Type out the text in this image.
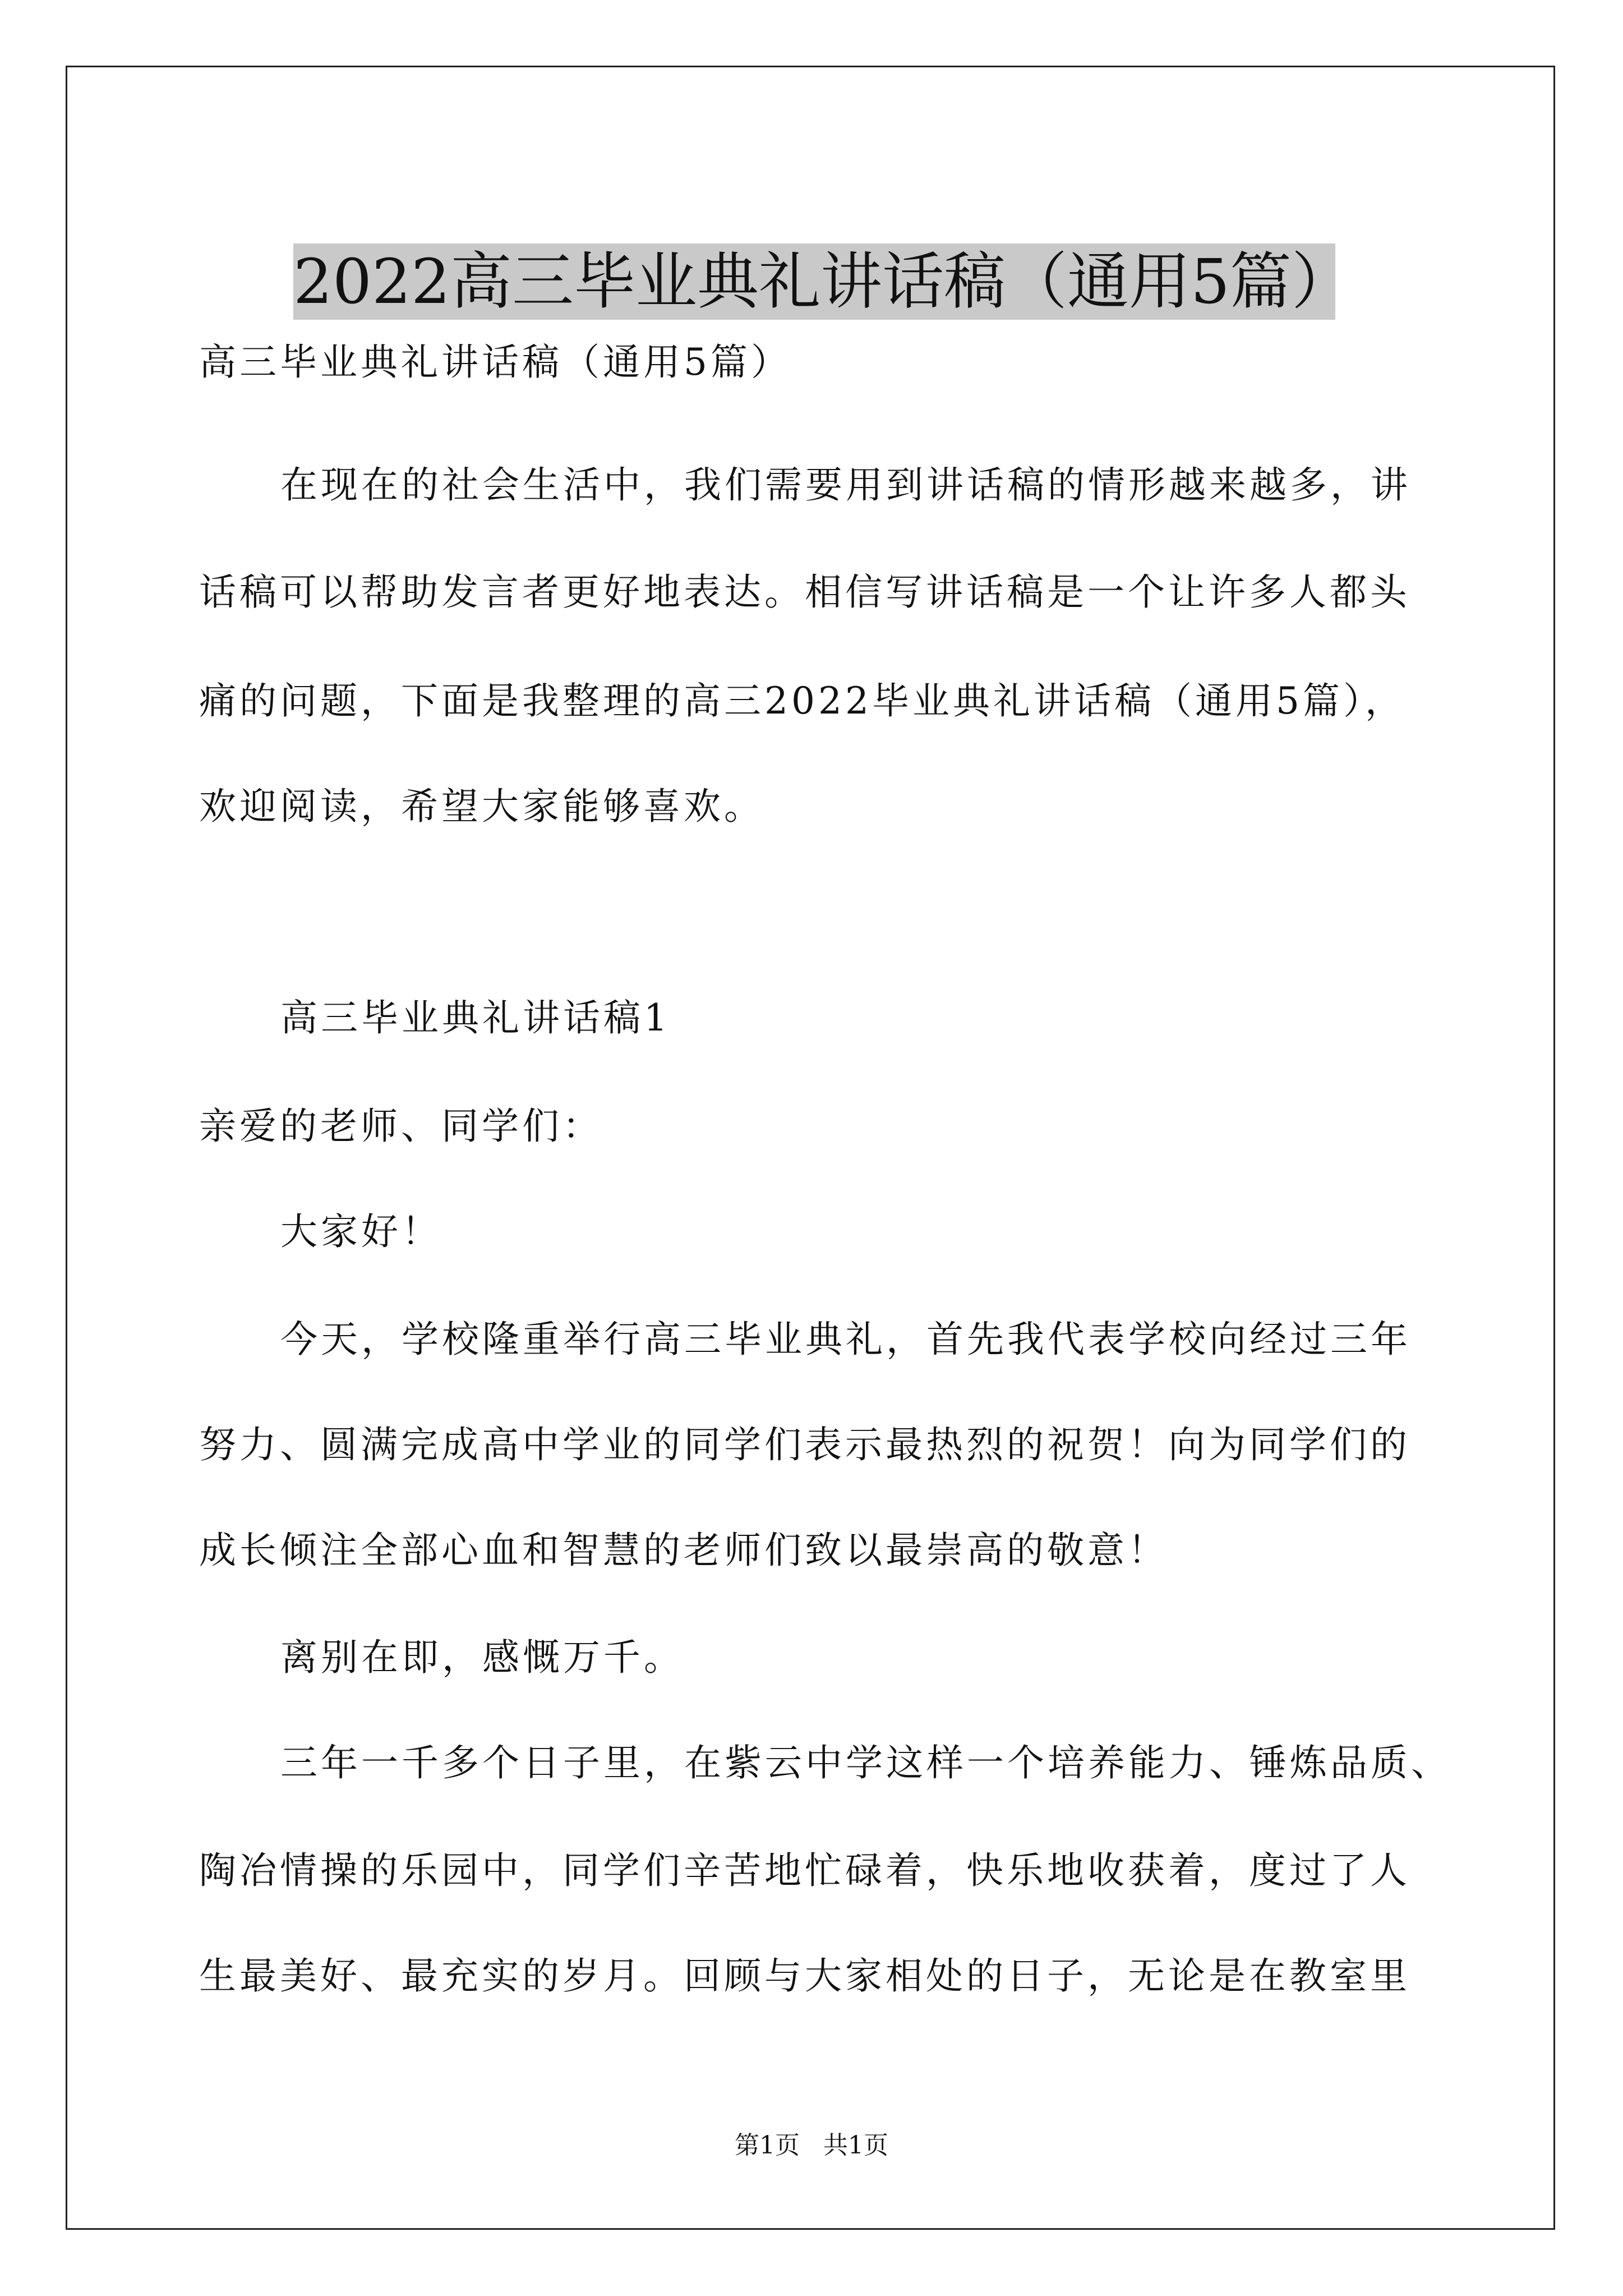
2022高三毕业典礼讲话稿（通用5篇）
高三毕业典礼讲话稿（通用5篇）
在现在的社会生活中，我们需要用到讲话稿的情形越来越多，讲
话稿可以帮助发言者更好地表达。相信写讲话稿是一个让许多人都头
痛的问题，下面是我整理的高三2022毕业典礼讲话稿（通用5篇），
欢迎阅读，希望大家能够喜欢。
高三毕业典礼讲话稿1
亲爱的老师、同学们：
大家好！
今天，学校隆重举行高三毕业典礼，首先我代表学校向经过三年
努力、圆满完成高中学业的同学们表示最热烈的祝贺！向为同学们的
成长倾注全部心血和智慧的老师们致以最崇高的敬意！
离别在即，感慨万千。
三年一千多个日子里，在紫云中学这样一个培养能力、锤炼品质、
陶冶情操的乐园中，同学们辛苦地忙碌着，快乐地收获着，度过了人
生最美好、最充实的岁月。回顾与大家相处的日子，无论是在教室里
第1页   共1页
